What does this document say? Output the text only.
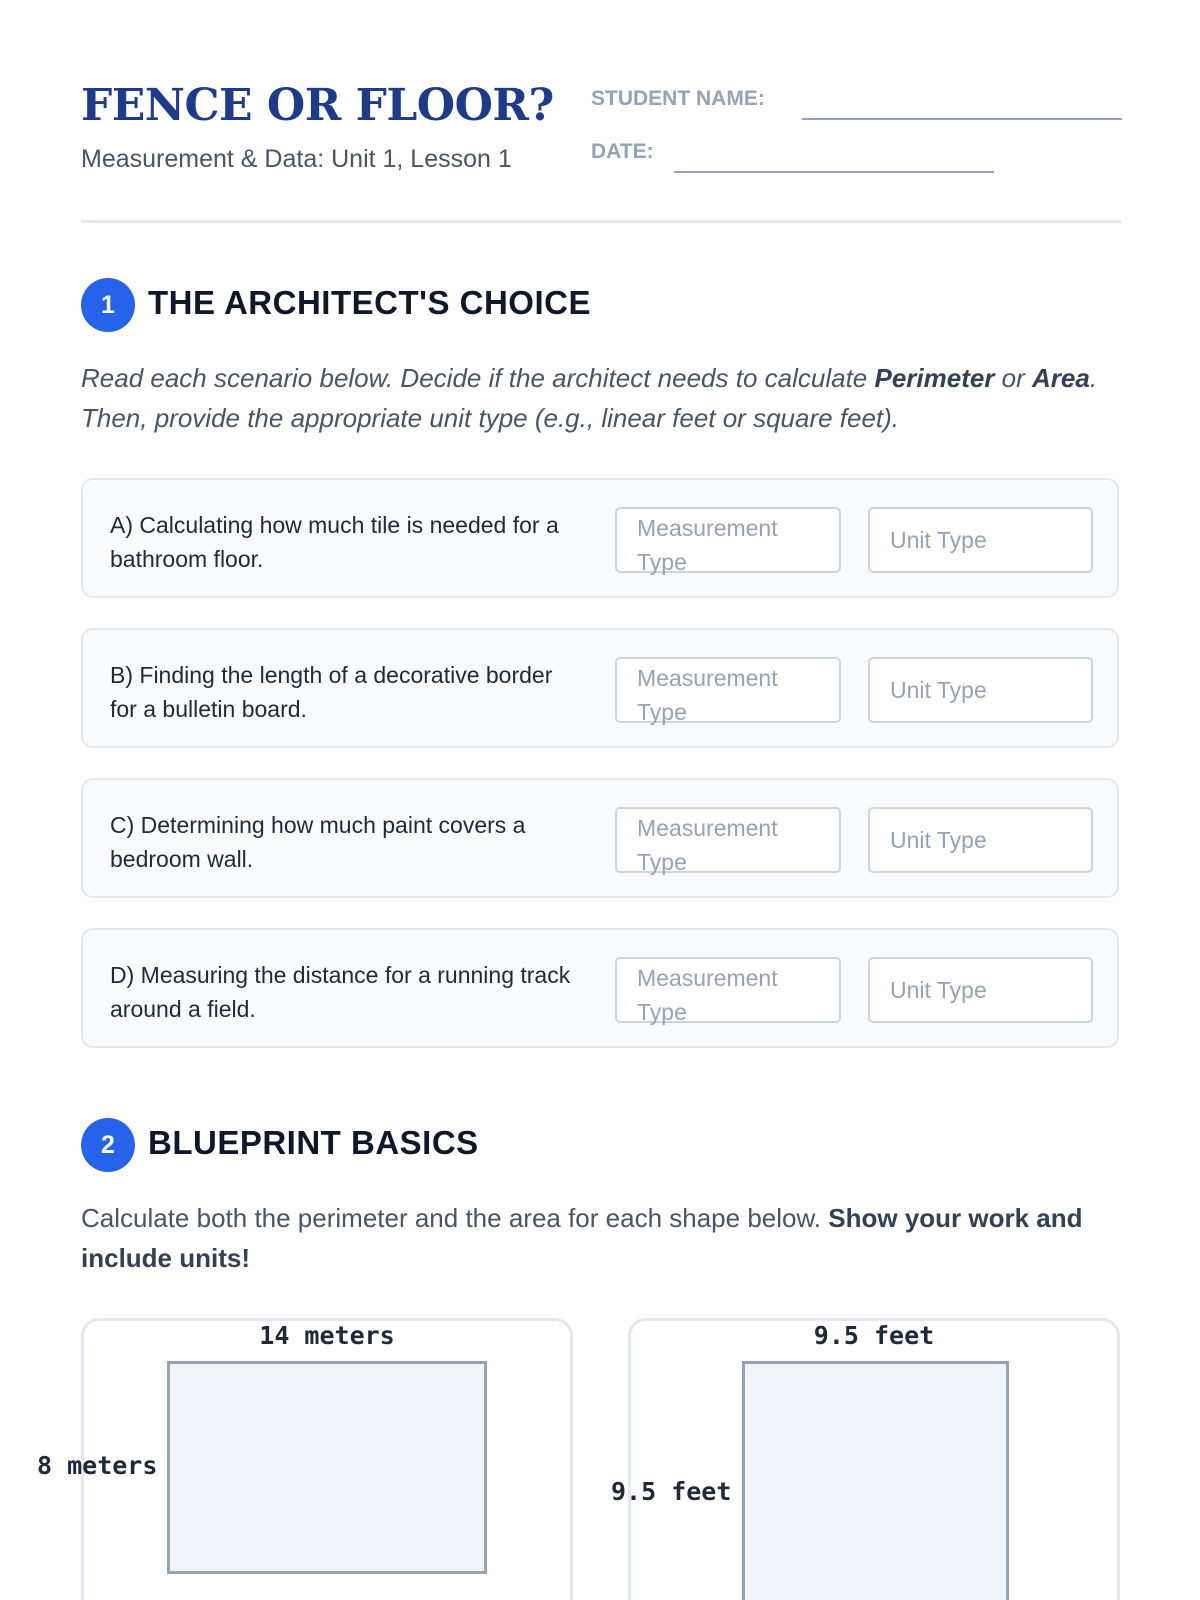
FENCE OR FLOOR?
Measurement & Data: Unit 1, Lesson 1
STUDENT NAME:
DATE:
1	THE ARCHITECT'S CHOICE
Read each scenario below. Decide if the architect needs to calculate Perimeter or Area. Then, provide the appropriate unit type (e.g., linear feet or square feet).
A) Calculating how much tile is needed for a bathroom floor.
Measurement Type
Unit Type
B) Finding the length of a decorative border for a bulletin board.
Measurement Type
Unit Type
C) Determining how much paint covers a bedroom wall.
Measurement Type
Unit Type
D) Measuring the distance for a running track around a field.
Measurement Type
Unit Type
2	BLUEPRINT BASICS
Calculate both the perimeter and the area for each shape below. Show your work and include units!
14 meters
8 meters
9.5 feet
9.5 feet
